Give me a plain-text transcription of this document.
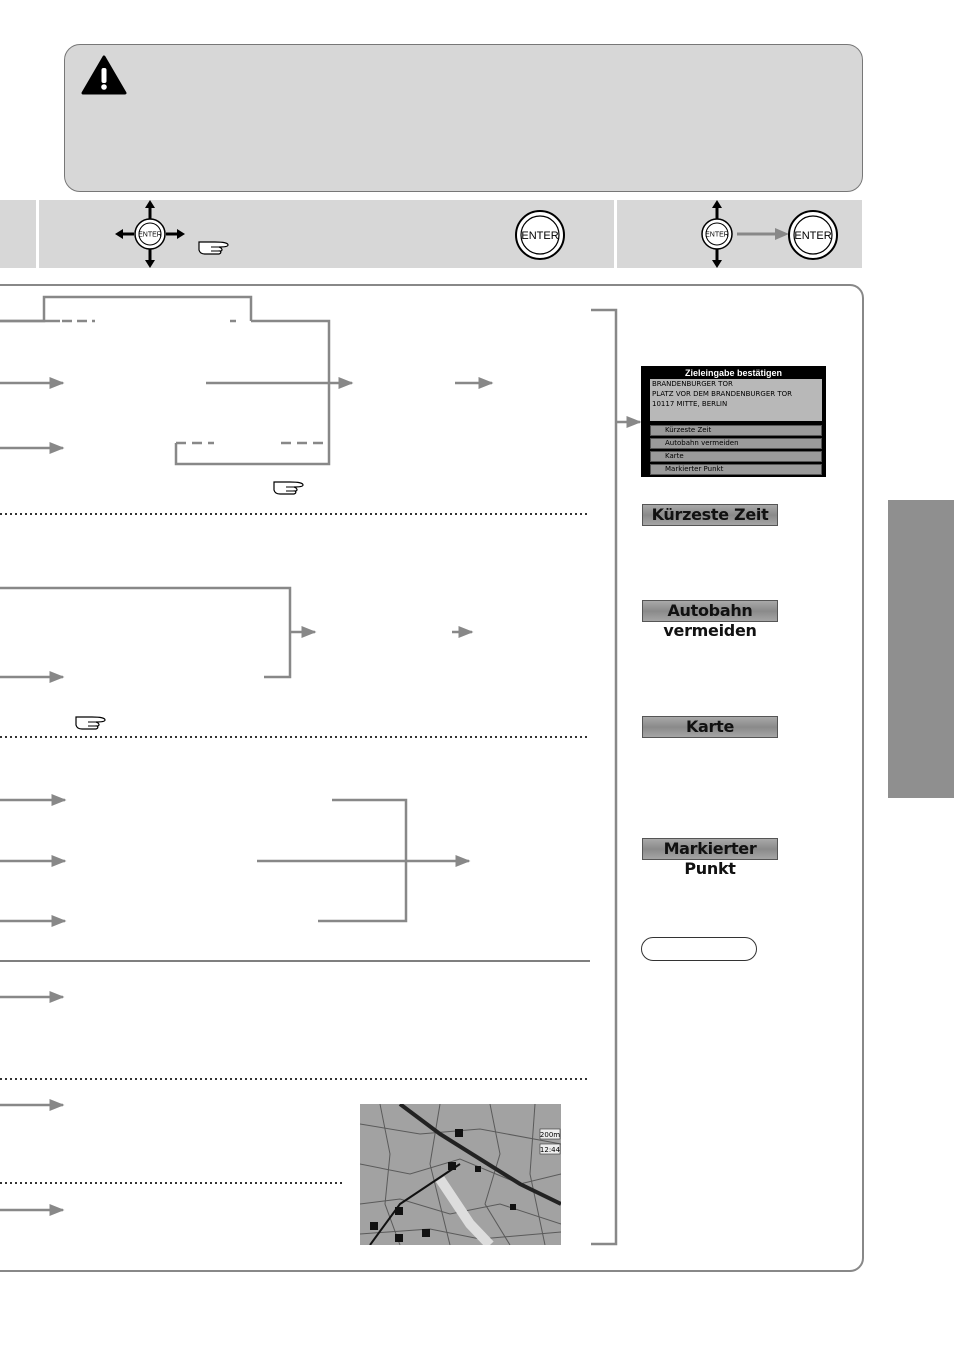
ENTER	ENTER	ENTER	ENTER
Zieleingabe bestätigen
BRANDENBURGER TOR
PLATZ VOR DEM BRANDENBURGER TOR
10117 MITTE, BERLIN
Kürzeste Zeit
Autobahn vermeiden
Karte
Markierter Punkt
Kürzeste Zeit
Autobahn vermeiden
Karte
Markierter Punkt
200m
12:44
